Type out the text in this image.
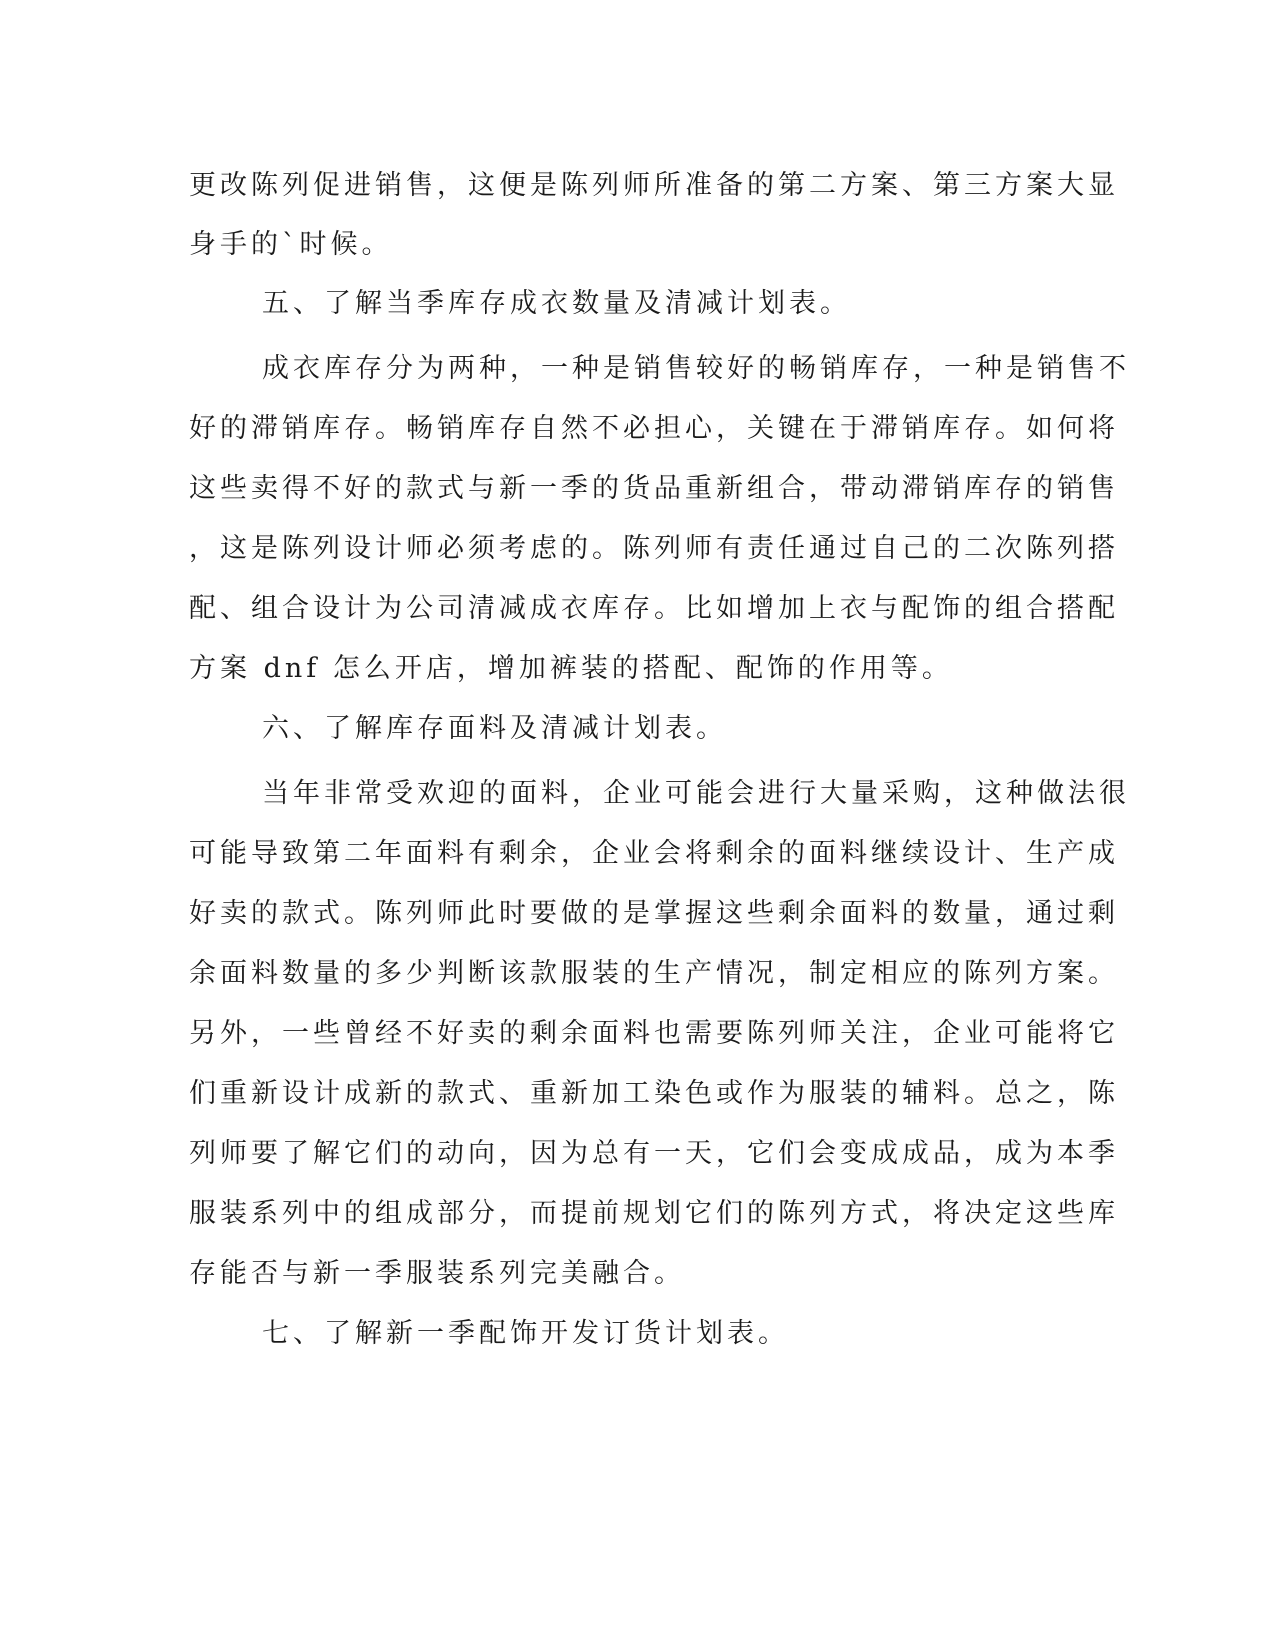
更改陈列促进销售，这便是陈列师所准备的第二方案、第三方案大显
身手的`时候。
五、了解当季库存成衣数量及清减计划表。
成衣库存分为两种，一种是销售较好的畅销库存，一种是销售不
好的滞销库存。畅销库存自然不必担心，关键在于滞销库存。如何将
这些卖得不好的款式与新一季的货品重新组合，带动滞销库存的销售
，这是陈列设计师必须考虑的。陈列师有责任通过自己的二次陈列搭
配、组合设计为公司清减成衣库存。比如增加上衣与配饰的组合搭配
方案 dnf 怎么开店，增加裤装的搭配、配饰的作用等。
六、了解库存面料及清减计划表。
当年非常受欢迎的面料，企业可能会进行大量采购，这种做法很
可能导致第二年面料有剩余，企业会将剩余的面料继续设计、生产成
好卖的款式。陈列师此时要做的是掌握这些剩余面料的数量，通过剩
余面料数量的多少判断该款服装的生产情况，制定相应的陈列方案。
另外，一些曾经不好卖的剩余面料也需要陈列师关注，企业可能将它
们重新设计成新的款式、重新加工染色或作为服装的辅料。总之，陈
列师要了解它们的动向，因为总有一天，它们会变成成品，成为本季
服装系列中的组成部分，而提前规划它们的陈列方式，将决定这些库
存能否与新一季服装系列完美融合。
七、了解新一季配饰开发订货计划表。
